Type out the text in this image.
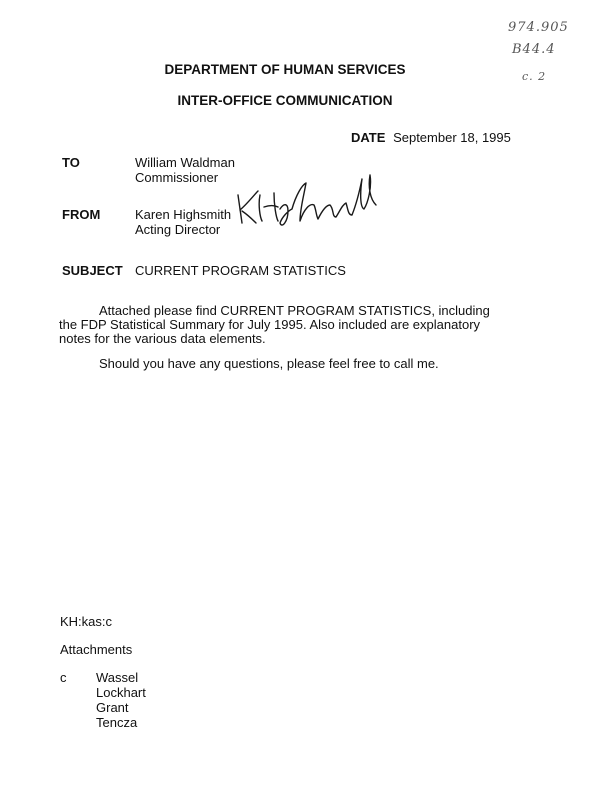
974.905
B44.4
c. 2
DEPARTMENT OF HUMAN SERVICES
INTER-OFFICE COMMUNICATION
DATE September 18, 1995
TO	William Waldman
Commissioner
FROM	Karen Highsmith
Acting Director
SUBJECT CURRENT PROGRAM STATISTICS
Attached please find CURRENT PROGRAM STATISTICS, including the FDP Statistical Summary for July 1995. Also included are explanatory notes for the various data elements.
Should you have any questions, please feel free to call me.
KH:kas:c
Attachments
c Wassel
Lockhart
Grant
Tencza
